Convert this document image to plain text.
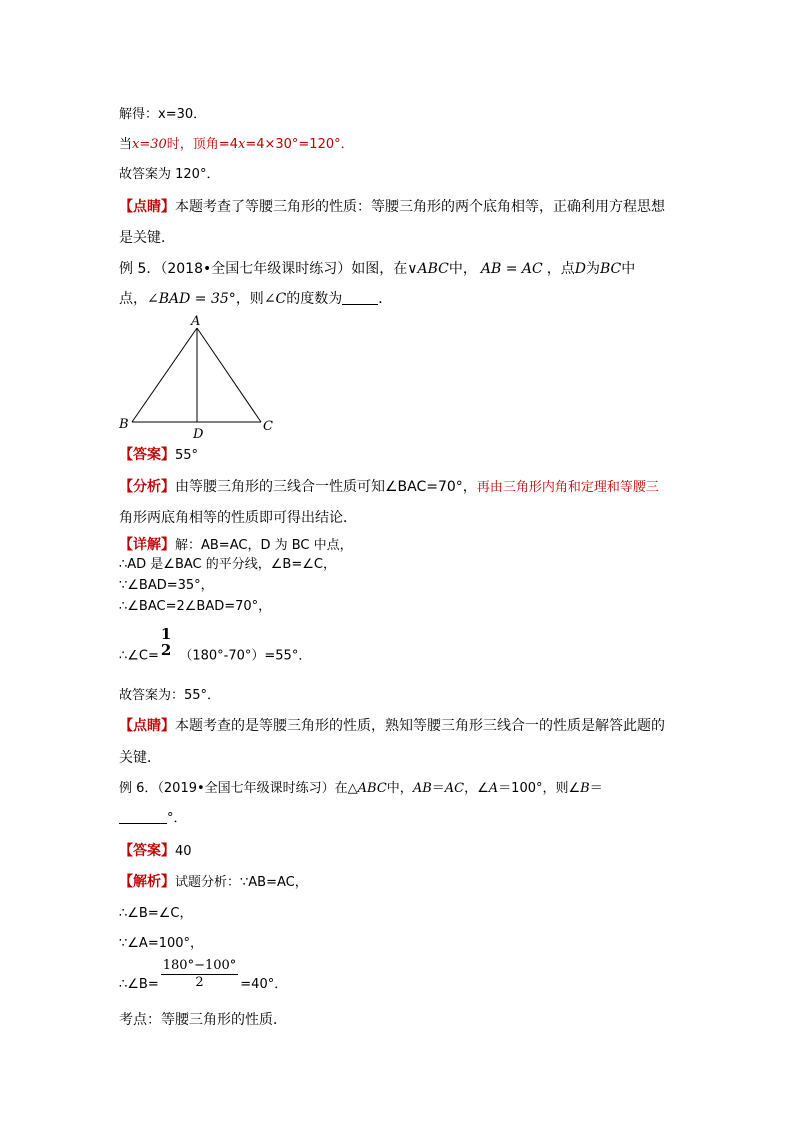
解得：x=30．
当x=30时，顶角=4x=4×30°=120°．
故答案为 120°．
【点睛】本题考查了等腰三角形的性质：等腰三角形的两个底角相等，正确利用方程思想
是关键．
例 5．（2018•全国七年级课时练习）如图，在∨ABC中， AB = AC ，点D为BC中
点，∠BAD = 35°，则∠C的度数为	．
A
B	C
D
【答案】55°
【分析】由等腰三角形的三线合一性质可知∠BAC=70°，再由三角形内角和定理和等腰三
角形两底角相等的性质即可得出结论．
【详解】解：AB=AC，D 为 BC 中点，
∴AD 是∠BAC 的平分线，∠B=∠C，
∵∠BAD=35°，
∴∠BAC=2∠BAD=70°，
∴∠C=
1
2 （180°-70°）=55°．
故答案为：55°．
【点睛】本题考查的是等腰三角形的性质，熟知等腰三角形三线合一的性质是解答此题的
关键．
例 6．（2019•全国七年级课时练习）在△ABC中，AB＝AC，∠A＝100°，则∠B＝
°．
【答案】40
【解析】试题分析：∵AB=AC，
∴∠B=∠C，
∵∠A=100°，
∴∠B= $\frac{180^\circ-100^\circ}{2} =40^\circ$．
考点：等腰三角形的性质．
